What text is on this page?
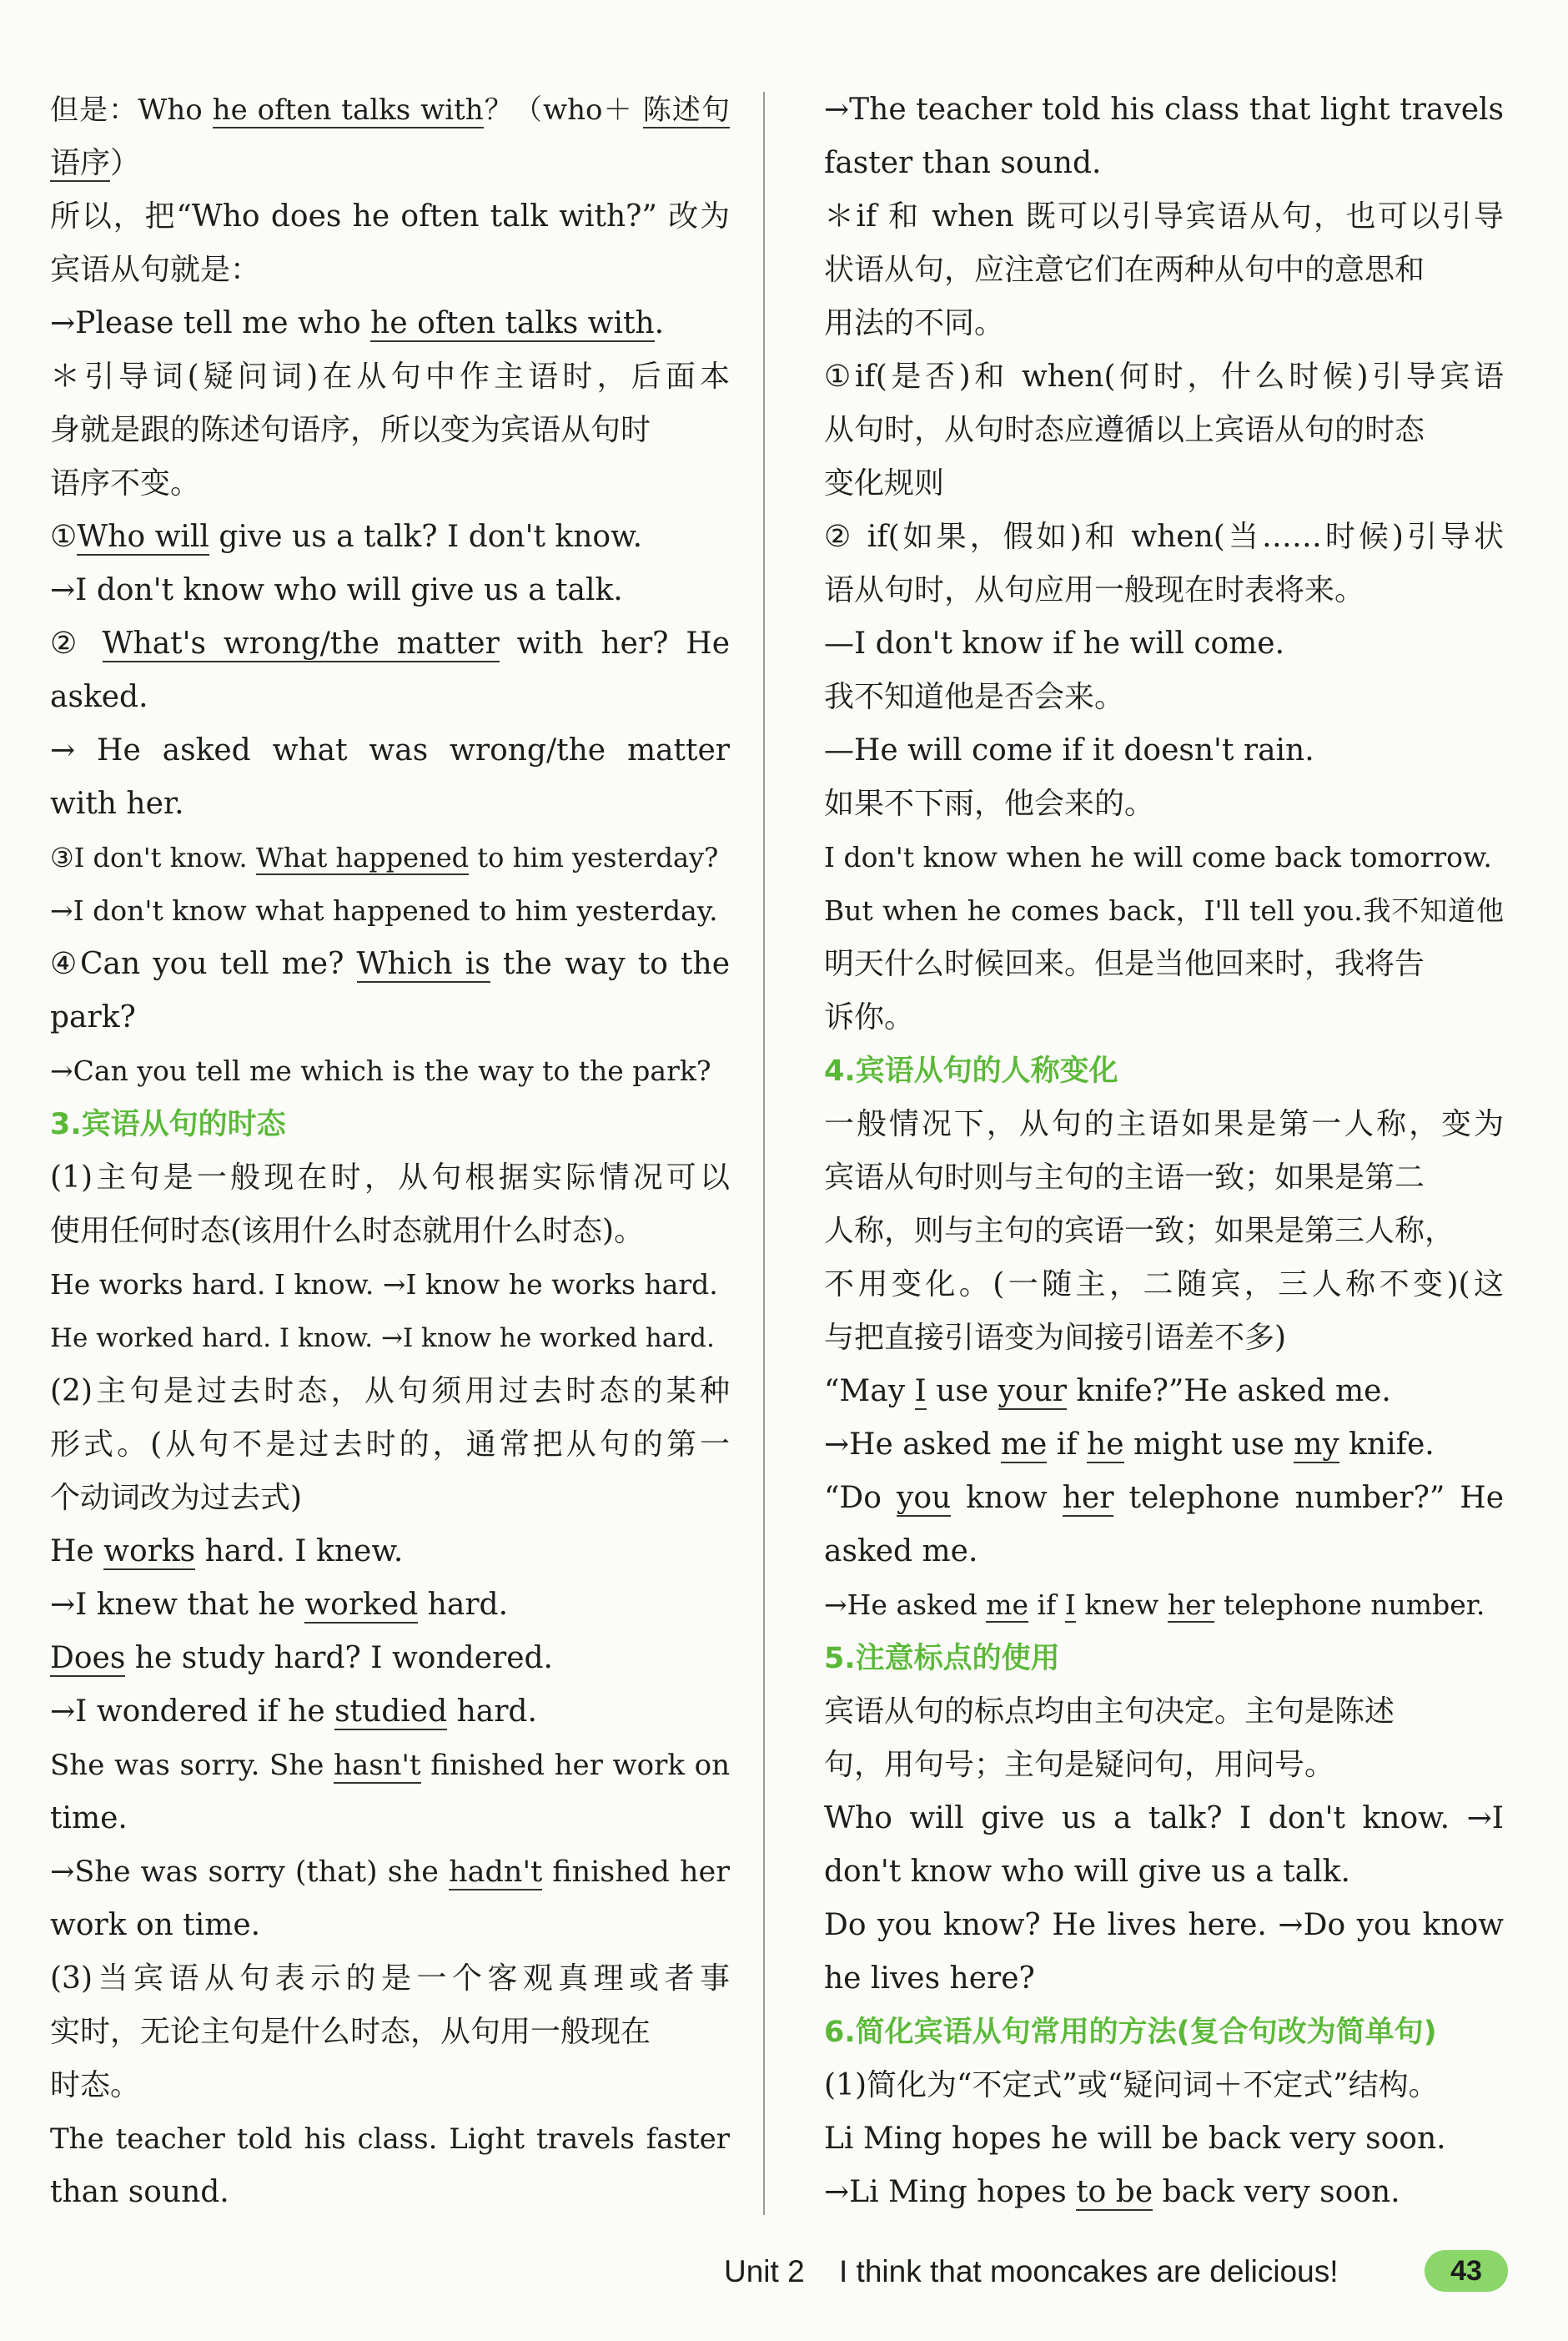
但是：Who he often talks with？（who＋ 陈述句
语序）
所以，把“Who does he often talk with?” 改为
宾语从句就是：
→Please tell me who he often talks with.
＊引导词(疑问词)在从句中作主语时，后面本
身就是跟的陈述句语序，所以变为宾语从句时
语序不变。
①Who will give us a talk? I don't know.
→I don't know who will give us a talk.
② What's wrong/the matter with her? He
asked.
→ He asked what was wrong/the matter
with her.
③I don't know. What happened to him yesterday?
→I don't know what happened to him yesterday.
④Can you tell me? Which is the way to the
park?
→Can you tell me which is the way to the park?
3.宾语从句的时态
(1)主句是一般现在时，从句根据实际情况可以
使用任何时态(该用什么时态就用什么时态)。
He works hard. I know. →I know he works hard.
He worked hard. I know. →I know he worked hard.
(2)主句是过去时态，从句须用过去时态的某种
形式。(从句不是过去时的，通常把从句的第一
个动词改为过去式)
He works hard. I knew.
→I knew that he worked hard.
Does he study hard? I wondered.
→I wondered if he studied hard.
She was sorry. She hasn't finished her work on
time.
→She was sorry (that) she hadn't finished her
work on time.
(3)当宾语从句表示的是一个客观真理或者事
实时，无论主句是什么时态，从句用一般现在
时态。
The teacher told his class. Light travels faster
than sound.
→The teacher told his class that light travels
faster than sound.
＊if 和 when 既可以引导宾语从句，也可以引导
状语从句，应注意它们在两种从句中的意思和
用法的不同。
①if(是否)和 when(何时，什么时候)引导宾语
从句时，从句时态应遵循以上宾语从句的时态
变化规则
② if(如果，假如)和 when(当……时候)引导状
语从句时，从句应用一般现在时表将来。
—I don't know if he will come.
我不知道他是否会来。
—He will come if it doesn't rain.
如果不下雨，他会来的。
I don't know when he will come back tomorrow.
But when he comes back，I'll tell you.我不知道他
明天什么时候回来。但是当他回来时，我将告
诉你。
4.宾语从句的人称变化
一般情况下，从句的主语如果是第一人称，变为
宾语从句时则与主句的主语一致；如果是第二
人称，则与主句的宾语一致；如果是第三人称，
不用变化。(一随主，二随宾，三人称不变)(这
与把直接引语变为间接引语差不多)
“May I use your knife?”He asked me.
→He asked me if he might use my knife.
“Do you know her telephone number?” He
asked me.
→He asked me if I knew her telephone number.
5.注意标点的使用
宾语从句的标点均由主句决定。主句是陈述
句，用句号；主句是疑问句，用问号。
Who will give us a talk? I don't know. →I
don't know who will give us a talk.
Do you know? He lives here. →Do you know
he lives here?
6.简化宾语从句常用的方法(复合句改为简单句)
(1)简化为“不定式”或“疑问词＋不定式”结构。
Li Ming hopes he will be back very soon.
→Li Ming hopes to be back very soon.
Unit 2 I think that mooncakes are delicious!	43
